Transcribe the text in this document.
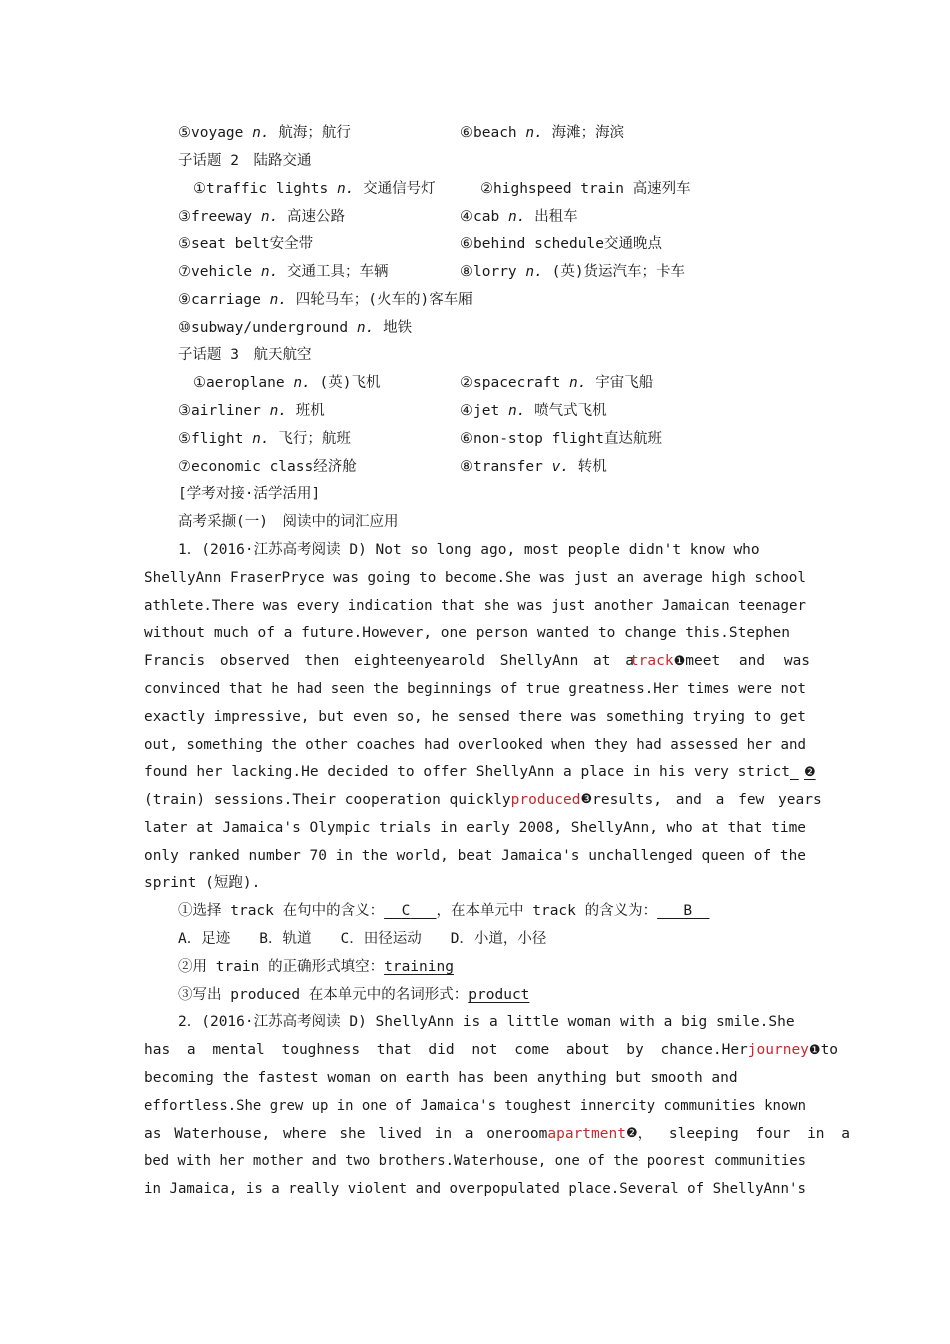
⑤voyage n. 航海；航行	⑥beach n. 海滩；海滨
子话题 2　陆路交通
①traffic lights n. 交通信号灯	②highspeed train 高速列车
③freeway n. 高速公路	④cab n. 出租车
⑤seat belt安全带	⑥behind schedule交通晚点
⑦vehicle n. 交通工具；车辆	⑧lorry n. (英)货运汽车；卡车
⑨carriage n. 四轮马车；(火车的)客车厢
⑩subway/underground n. 地铁
子话题 3　航天航空
①aeroplane n. (英)飞机	②spacecraft n. 宇宙飞船
③airliner n. 班机	④jet n. 喷气式飞机
⑤flight n. 飞行；航班	⑥non-stop flight直达航班
⑦economic class经济舱	⑧transfer v. 转机
[学考对接·活学活用]
高考采撷(一)　阅读中的词汇应用
1．(2016·江苏高考阅读 D) Not so long ago, most people didn't know who
ShellyAnn FraserPryce was going to become.She was just an average high school
athlete.There was every indication that she was just another Jamaican teenager
without much of a future.However, one person wanted to change this.Stephen
Francis observed then eighteenyearold ShellyAnn at a
track❶ meet and was
convinced that he had seen the beginnings of true greatness.Her times were not
exactly impressive, but even so, he sensed there was something trying to get
out, something the other coaches had overlooked when they had assessed her and
found her lacking.He decided to offer ShellyAnn a place in his very strict	❷
(train) sessions.Their cooperation quickly produced ❸ results, and a few years
later at Jamaica's Olympic trials in early 2008, ShellyAnn, who at that time
only ranked number 70 in the world, beat Jamaica's unchallenged queen of the
sprint (短跑).
①选择 track 在句中的含义： C ，在本单元中 track 的含义为： B
A．足迹　　B．轨道　　C．田径运动　　D．小道，小径
②用 train 的正确形式填空：training
③写出 produced 在本单元中的名词形式：product
2．(2016·江苏高考阅读 D) ShellyAnn is a little woman with a big smile.She
has a mental toughness that did not come about by chance.Her journey❶ to
becoming the fastest woman on earth has been anything but smooth and
effortless.She grew up in one of Jamaica's toughest innercity communities known
as Waterhouse, where she lived in a oneroom apartment ❷ ， sleeping four in a
bed with her mother and two brothers.Waterhouse, one of the poorest communities
in Jamaica, is a really violent and overpopulated place.Several of ShellyAnn's
